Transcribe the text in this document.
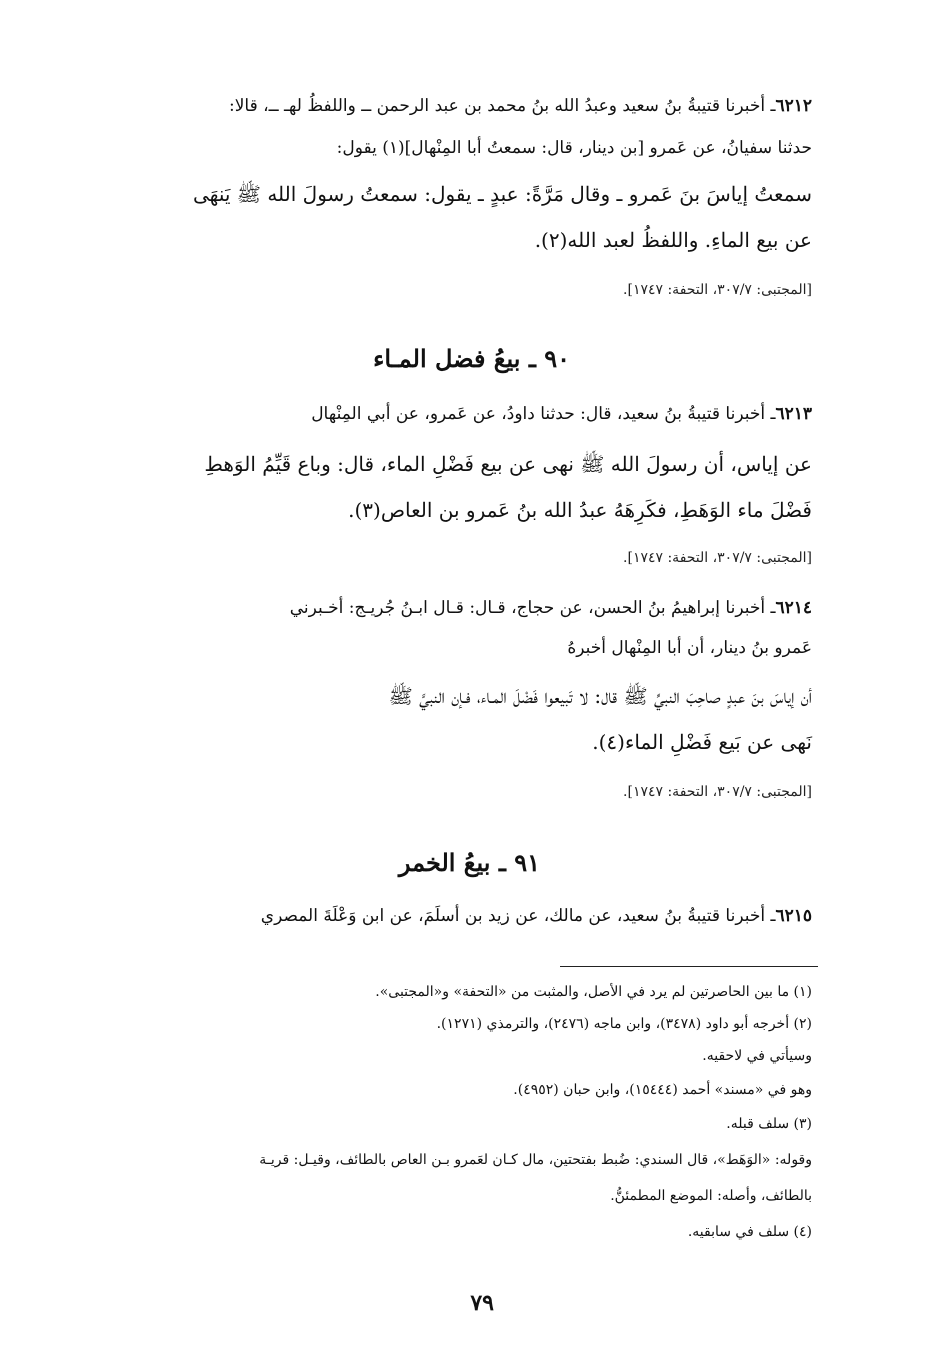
٦٢١٢ـ أخبرنا قتيبةُ بنُ سعيد وعبدُ الله بنُ محمد بن عبد الرحمن ــ واللفظُ لهـ ــ، قالا:
حدثنا سفيانُ، عن عَمرو [بن دينار، قال: سمعتُ أبا المِنْهال](١) يقول:
سمعتُ إياسَ بنَ عَمرو ـ وقال مَرَّةً: عبدٍ ـ يقول: سمعتُ رسولَ الله ﷺ يَنهَى
عن بيع الماءِ. واللفظُ لعبد الله(٢).
[المجتبى: ٣٠٧/٧، التحفة: ١٧٤٧].
٩٠ ـ بيعُ فضل المـاء
٦٢١٣ـ أخبرنا قتيبةُ بنُ سعيد، قال: حدثنا داودُ، عن عَمرو، عن أبي المِنْهال
عن إياس، أن رسولَ الله ﷺ نهى عن بيع فَضْلِ الماء، قال: وباع قَيِّمُ الوَهطِ
فَضْلَ ماء الوَهَطِ، فكَرِهَهُ عبدُ الله بنُ عَمرو بن العاص(٣).
[المجتبى: ٣٠٧/٧، التحفة: ١٧٤٧].
٦٢١٤ـ أخبرنا إبراهيمُ بنُ الحسن، عن حجاج، قـال: قـال ابـنُ جُريـج: أخـبرني
عَمرو بنُ دينار، أن أبا المِنْهال أخبرهُ
أن إياسَ بنَ عبدٍ صاحِبَ النبيِّ ﷺ قال: لا تَبيعوا فَضْلَ المـاء، فـإن النبيَّ ﷺ
نَهى عن بَيع فَضْلِ الماء(٤).
[المجتبى: ٣٠٧/٧، التحفة: ١٧٤٧].
٩١ ـ بيعُ الخمر
٦٢١٥ـ أخبرنا قتيبةُ بنُ سعيد، عن مالك، عن زيد بن أسلَمَ، عن ابن وَعْلَةَ المصري
(١) ما بين الحاصرتين لم يرد في الأصل، والمثبت من «التحفة» و«المجتبى».
(٢) أخرجه أبو داود (٣٤٧٨)، وابن ماجه (٢٤٧٦)، والترمذي (١٢٧١).
وسيأتي في لاحقيه.
وهو في «مسند» أحمد (١٥٤٤٤)، وابن حبان (٤٩٥٢).
(٣) سلف قبله.
وقوله: «الوَهَط»، قال السندي: ضُبط بفتحتين، مال كـان لعَمرو بـن العاص بالطائف، وقيـل: قريـة
بالطائف، وأصله: الموضع المطمئنُّ.
(٤) سلف في سابقيه.
٧٩
